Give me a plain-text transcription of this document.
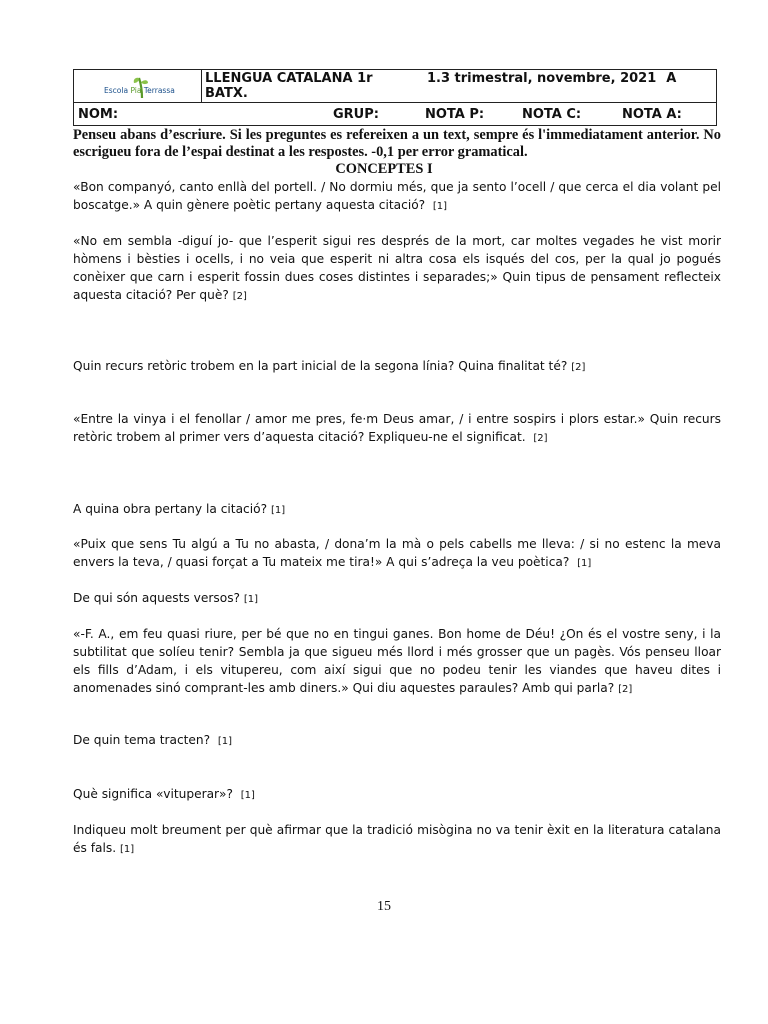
Escola Pia Terrassa

LLENGUA CATALANA 1r	1.3 trimestral, novembre, 2021 A
BATX.

NOM:	GRUP:	NOTA P:	NOTA C:	NOTA A:
Penseu abans d’escriure. Si les preguntes es refereixen a un text, sempre és l'immediatament anterior. No escrigueu fora de l’espai destinat a les respostes. -0,1 per error gramatical.
CONCEPTES I
«Bon companyó, canto enllà del portell. / No dormiu més, que ja sento l’ocell / que cerca el dia volant pel boscatge.» A quin gènere poètic pertany aquesta citació? [1]
«No em sembla -diguí jo- que l’esperit sigui res després de la mort, car moltes vegades he vist morir hòmens i bèsties i ocells, i no veia que esperit ni altra cosa els isqués del cos, per la qual jo pogués conèixer que carn i esperit fossin dues coses distintes i separades;» Quin tipus de pensament reflecteix aquesta citació? Per què? [2]
Quin recurs retòric trobem en la part inicial de la segona línia? Quina finalitat té? [2]
«Entre la vinya i el fenollar / amor me pres, fe·m Deus amar, / i entre sospirs i plors estar.» Quin recurs retòric trobem al primer vers d’aquesta citació? Expliqueu-ne el significat. [2]
A quina obra pertany la citació? [1]
«Puix que sens Tu algú a Tu no abasta, / dona’m la mà o pels cabells me lleva: / si no estenc la meva envers la teva, / quasi forçat a Tu mateix me tira!» A qui s’adreça la veu poètica? [1]
De qui són aquests versos? [1]
«-F. A., em feu quasi riure, per bé que no en tingui ganes. Bon home de Déu! ¿On és el vostre seny, i la subtilitat que solíeu tenir? Sembla ja que sigueu més llord i més grosser que un pagès. Vós penseu lloar els fills d’Adam, i els vitupereu, com així sigui que no podeu tenir les viandes que haveu dites i anomenades sinó comprant-les amb diners.» Qui diu aquestes paraules? Amb qui parla? [2]
De quin tema tracten? [1]
Què significa «vituperar»? [1]
Indiqueu molt breument per què afirmar que la tradició misògina no va tenir èxit en la literatura catalana és fals. [1]
15
